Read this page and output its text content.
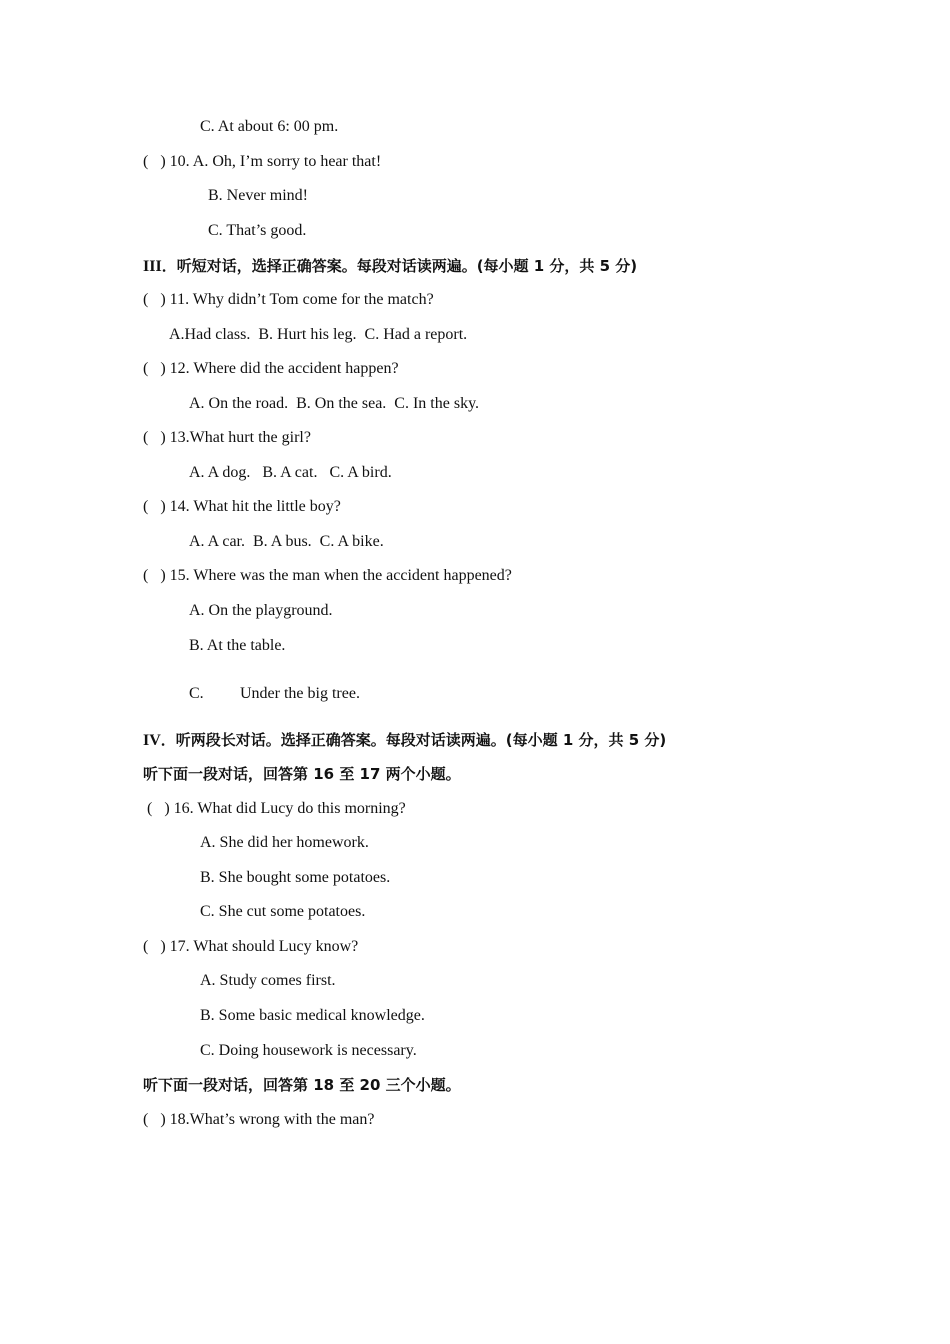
C. At about 6: 00 pm.
(   ) 10. A. Oh, I’m sorry to hear that!
B. Never mind!
C. That’s good.
III．听短对话，选择正确答案。每段对话读两遍。(每小题 1 分，共 5 分)
(   ) 11. Why didn’t Tom come for the match?
A.Had class.  B. Hurt his leg.  C. Had a report.
(   ) 12. Where did the accident happen?
A. On the road.  B. On the sea.  C. In the sky.
(   ) 13.What hurt the girl?
A. A dog.   B. A cat.   C. A bird.
(   ) 14. What hit the little boy?
A. A car.  B. A bus.  C. A bike.
(   ) 15. Where was the man when the accident happened?
A. On the playground.
B. At the table.
C. Under the big tree.
IV．听两段长对话。选择正确答案。每段对话读两遍。(每小题 1 分，共 5 分)
听下面一段对话，回答第 16 至 17 两个小题。
(   ) 16. What did Lucy do this morning?
A. She did her homework.
B. She bought some potatoes.
C. She cut some potatoes.
(   ) 17. What should Lucy know?
A. Study comes first.
B. Some basic medical knowledge.
C. Doing housework is necessary.
听下面一段对话，回答第 18 至 20 三个小题。
(   ) 18.What’s wrong with the man?
